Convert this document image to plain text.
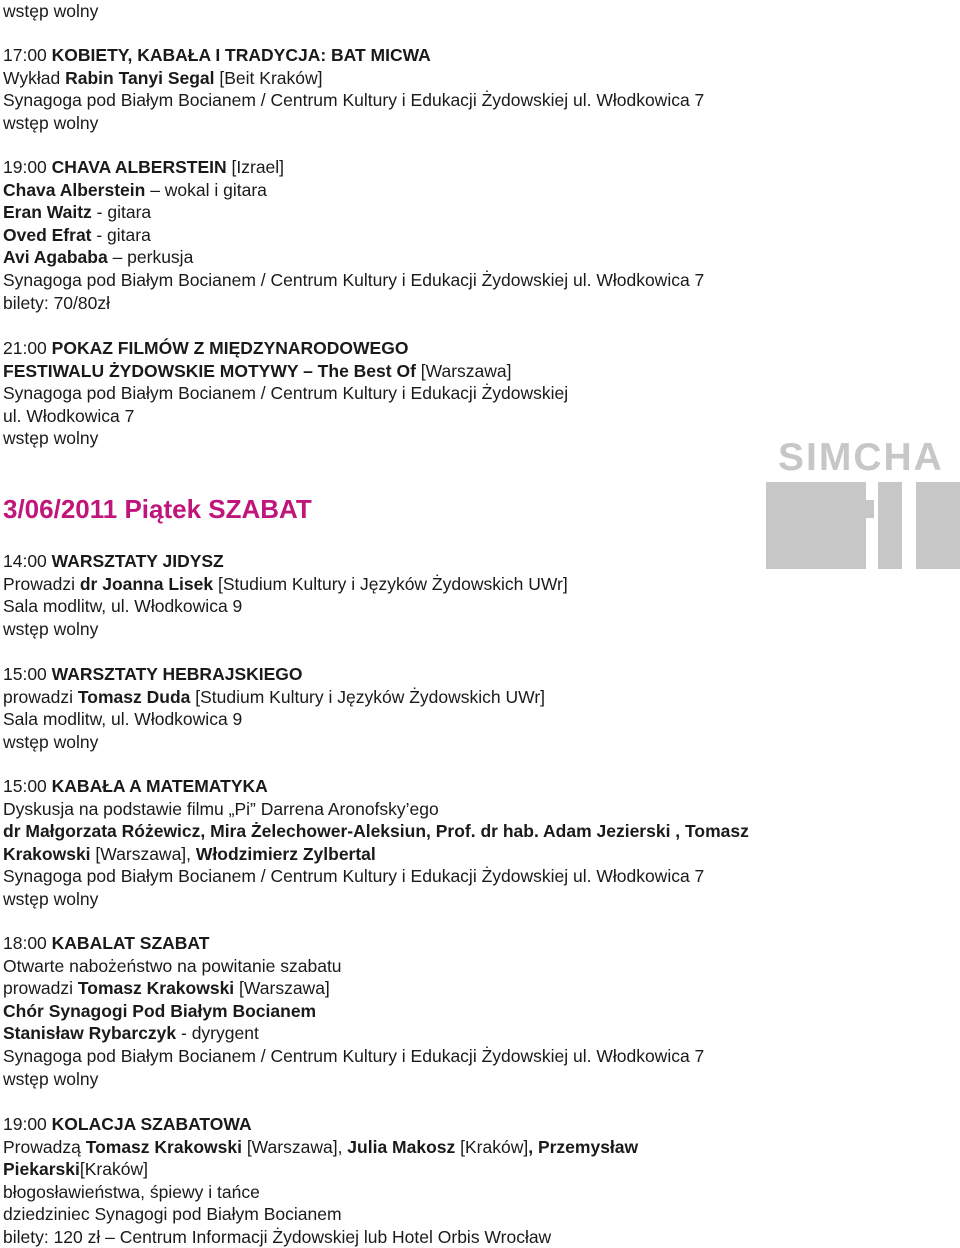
wstęp wolny
17:00 KOBIETY, KABAŁA I TRADYCJA: BAT MICWA
Wykład Rabin Tanyi Segal [Beit Kraków]
Synagoga pod Białym Bocianem / Centrum Kultury i Edukacji Żydowskiej ul. Włodkowica 7
wstęp wolny
19:00 CHAVA ALBERSTEIN [Izrael]
Chava Alberstein – wokal i gitara
Eran Waitz - gitara
Oved Efrat - gitara
Avi Agababa – perkusja
Synagoga pod Białym Bocianem / Centrum Kultury i Edukacji Żydowskiej ul. Włodkowica 7
bilety: 70/80zł
21:00 POKAZ FILMÓW Z MIĘDZYNARODOWEGO
FESTIWALU ŻYDOWSKIE MOTYWY – The Best Of [Warszawa]
Synagoga pod Białym Bocianem / Centrum Kultury i Edukacji Żydowskiej
ul. Włodkowica 7
wstęp wolny
14:00 WARSZTATY JIDYSZ
Prowadzi dr Joanna Lisek [Studium Kultury i Języków Żydowskich UWr]
Sala modlitw, ul. Włodkowica 9
wstęp wolny
15:00 WARSZTATY HEBRAJSKIEGO
prowadzi Tomasz Duda [Studium Kultury i Języków Żydowskich UWr]
Sala modlitw, ul. Włodkowica 9
wstęp wolny
15:00 KABAŁA A MATEMATYKA
Dyskusja na podstawie filmu „Pi” Darrena Aronofsky’ego
dr Małgorzata Różewicz, Mira Żelechower-Aleksiun, Prof. dr hab. Adam Jezierski , Tomasz
Krakowski [Warszawa], Włodzimierz Zylbertal
Synagoga pod Białym Bocianem / Centrum Kultury i Edukacji Żydowskiej ul. Włodkowica 7
wstęp wolny
18:00 KABALAT SZABAT
Otwarte nabożeństwo na powitanie szabatu
prowadzi Tomasz Krakowski [Warszawa]
Chór Synagogi Pod Białym Bocianem
Stanisław Rybarczyk - dyrygent
Synagoga pod Białym Bocianem / Centrum Kultury i Edukacji Żydowskiej ul. Włodkowica 7
wstęp wolny
19:00 KOLACJA SZABATOWA
Prowadzą Tomasz Krakowski [Warszawa], Julia Makosz [Kraków], Przemysław
Piekarski[Kraków]
błogosławieństwa, śpiewy i tańce
dziedziniec Synagogi pod Białym Bocianem
bilety: 120 zł – Centrum Informacji Żydowskiej lub Hotel Orbis Wrocław
3/06/2011 Piątek SZABAT
SIMCHA
